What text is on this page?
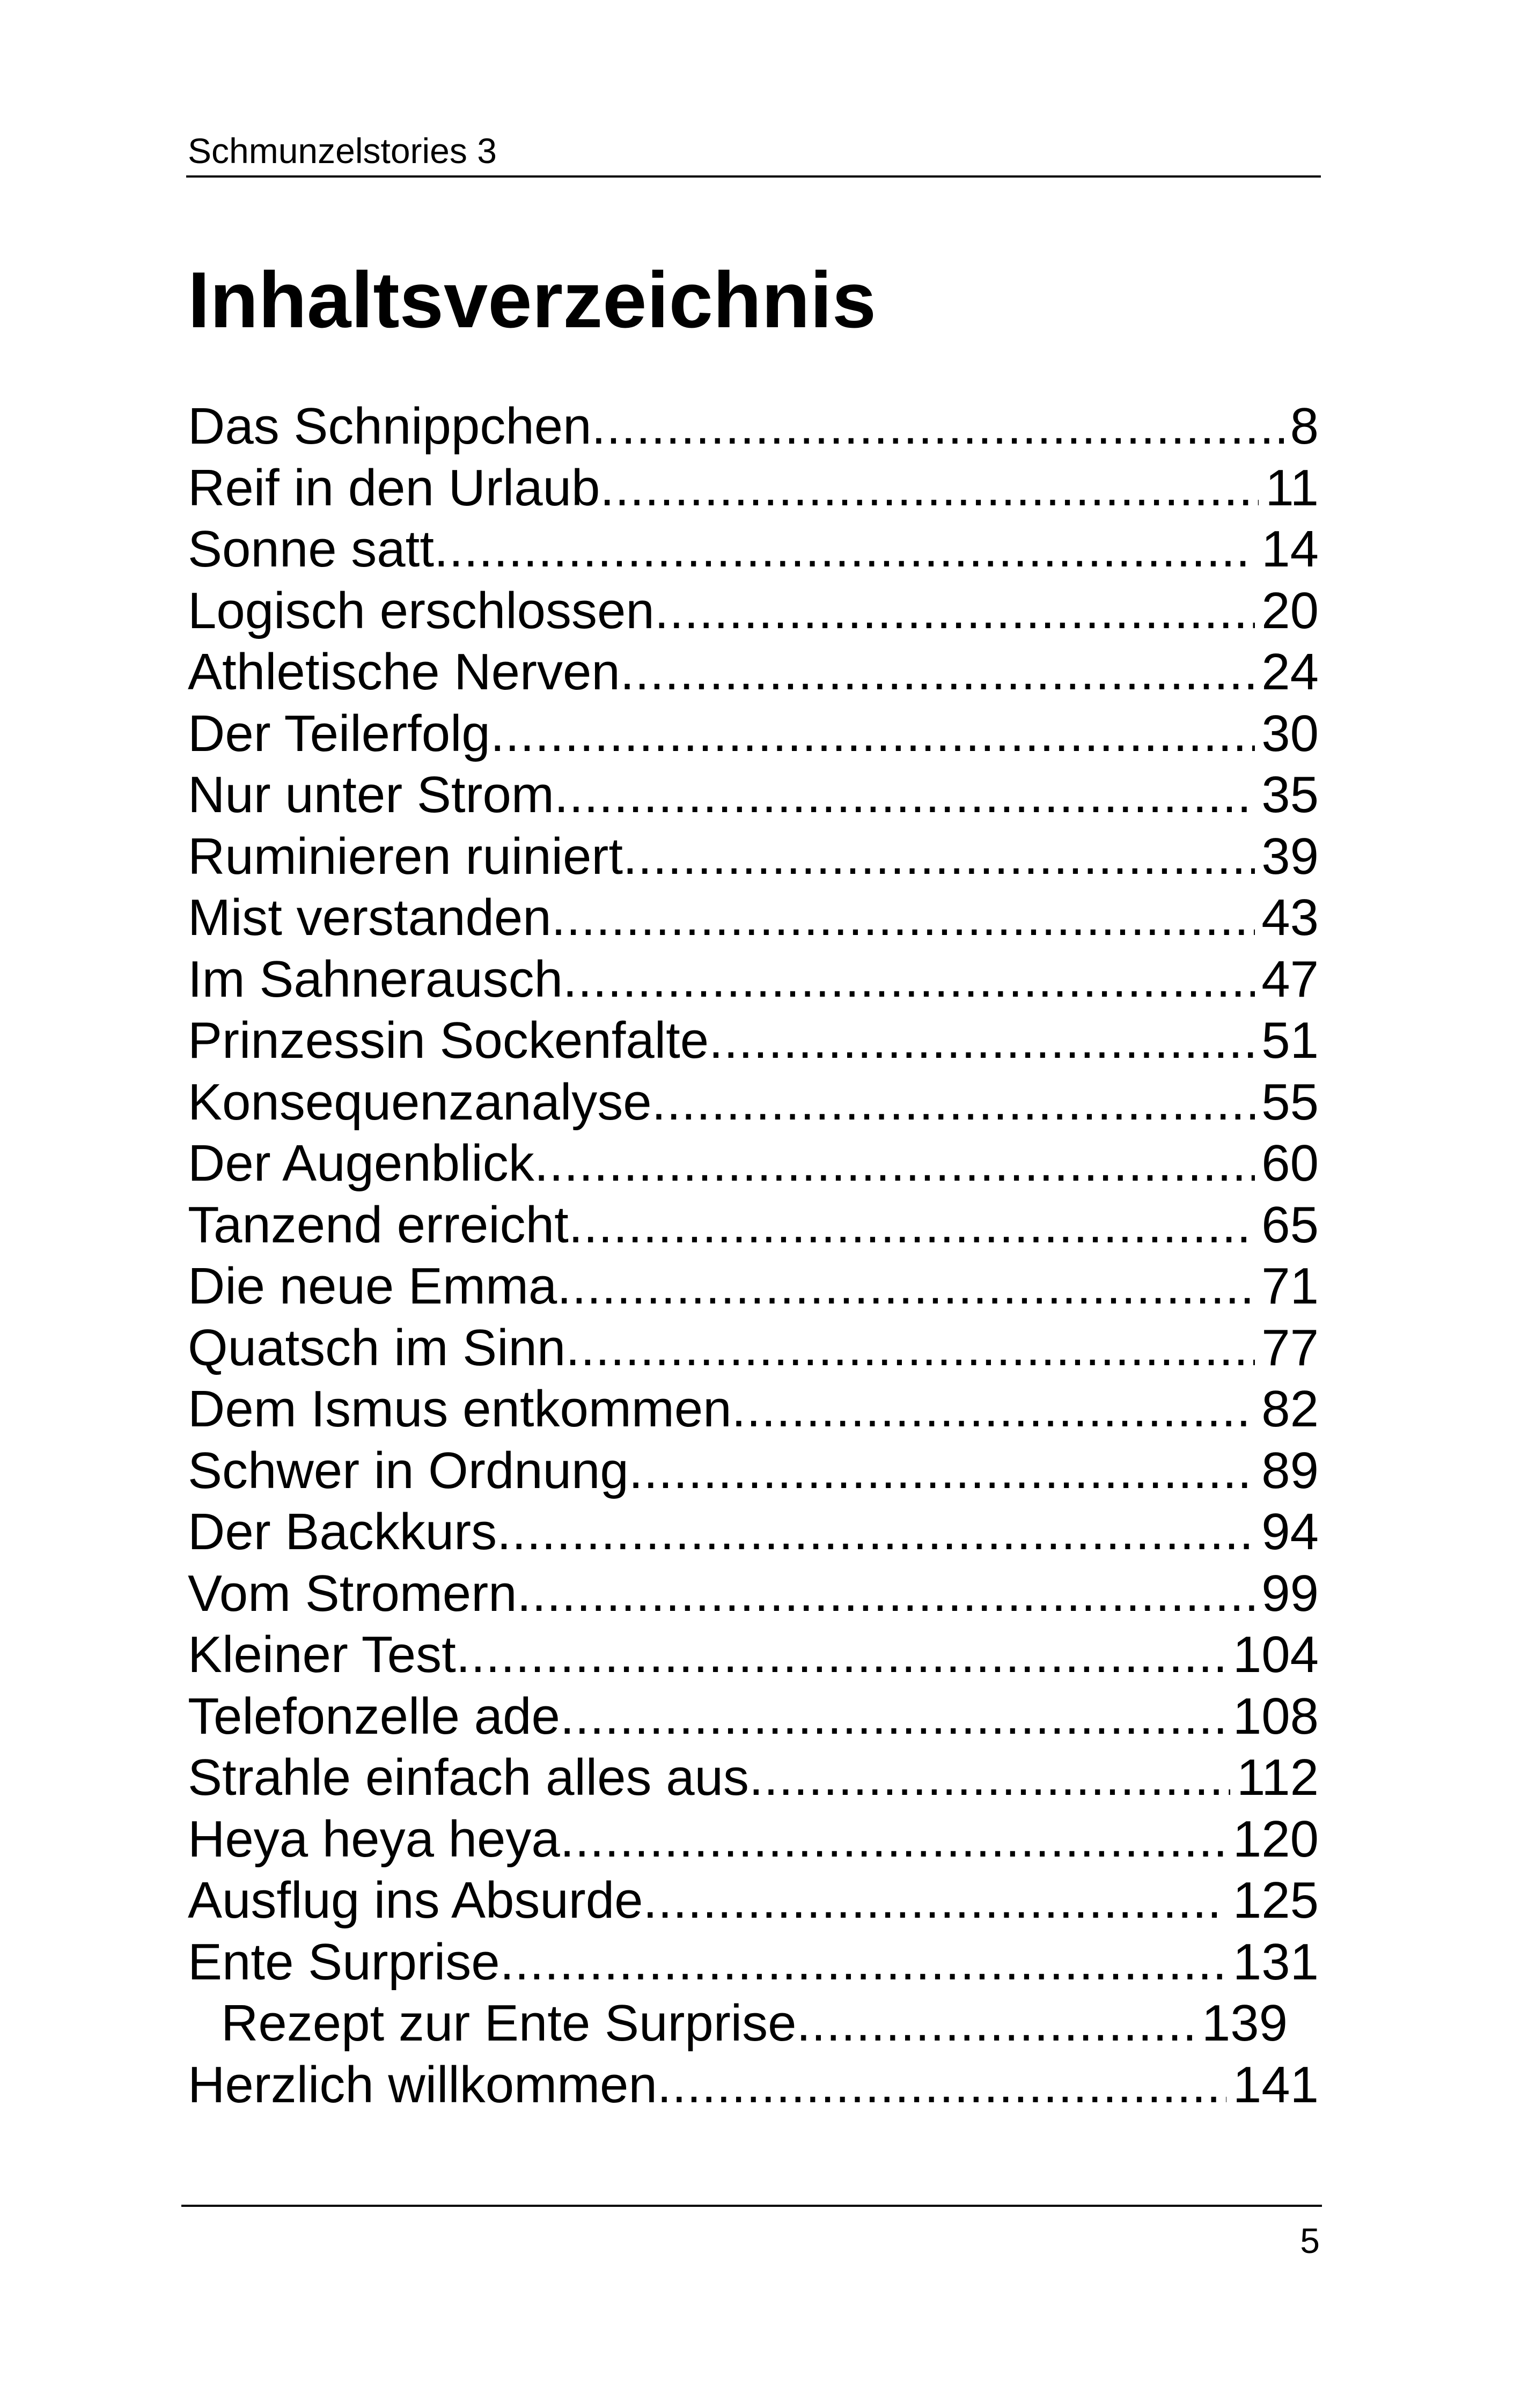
Schmunzelstories 3
Inhaltsverzeichnis
Das Schnippchen .....	8
Reif in den Urlaub .....	11
Sonne satt .....	14
Logisch erschlossen .....	20
Athletische Nerven .....	24
Der Teilerfolg .....	30
Nur unter Strom .....	35
Ruminieren ruiniert .....	39
Mist verstanden .....	43
Im Sahnerausch .....	47
Prinzessin Sockenfalte .....	51
Konsequenzanalyse .....	55
Der Augenblick .....	60
Tanzend erreicht .....	65
Die neue Emma .....	71
Quatsch im Sinn .....	77
Dem Ismus entkommen .....	82
Schwer in Ordnung .....	89
Der Backkurs .....	94
Vom Stromern .....	99
Kleiner Test .....	104
Telefonzelle ade .....	108
Strahle einfach alles aus .....	112
Heya heya heya .....	120
Ausflug ins Absurde .....	125
Ente Surprise .....	131
Rezept zur Ente Surprise .....	139
Herzlich willkommen .....	141
5
